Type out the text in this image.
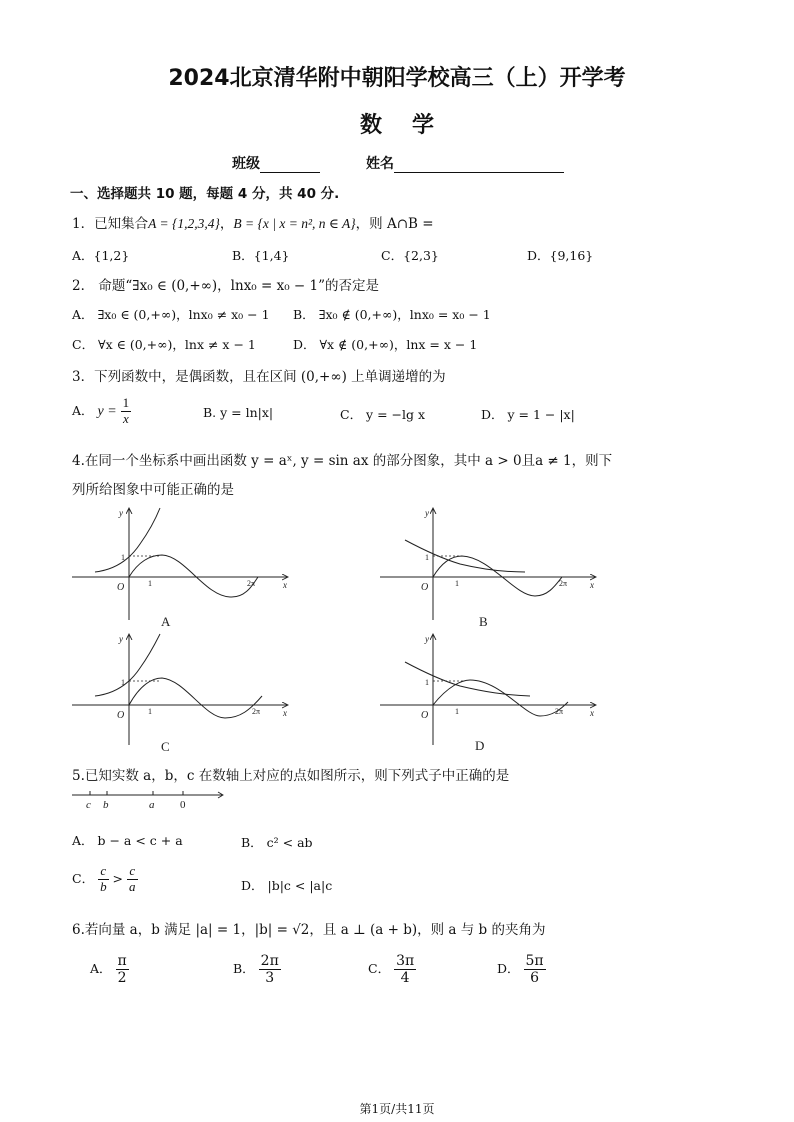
2024北京清华附中朝阳学校高三（上）开学考
数学
班级	姓名
一、选择题共 10 题，每题 4 分，共 40 分.
1．已知集合A = {1,2,3,4}，B = {x | x = n², n ∈ A}，则 A∩B =
A．{1,2}	B．{1,4}	C．{2,3}	D．{9,16}
2． 命题“∃x₀ ∈ (0,+∞)，lnx₀ = x₀ − 1”的否定是
A． ∃x₀ ∈ (0,+∞)，lnx₀ ≠ x₀ − 1 B． ∃x₀ ∉ (0,+∞)，lnx₀ = x₀ − 1
C． ∀x ∈ (0,+∞)，lnx ≠ x − 1	D． ∀x ∉ (0,+∞)，lnx = x − 1
3．下列函数中，是偶函数，且在区间 (0,+∞) 上单调递增的为
A． $y = \frac{1}{x}$	B. y = ln|x|	C． y = −lg x	D． y = 1 − |x|
4.在同一个坐标系中画出函数 y = aˣ, y = sin ax 的部分图象，其中 a > 0且a ≠ 1，则下
列所给图象中可能正确的是
y
x
O
1
1	2π
A
y
x
O
1
1	2π
B
y
x
O
1
1	2π
C
y
x
O
1
1	2π
D
5.已知实数 a，b，c 在数轴上对应的点如图所示，则下列式子中正确的是
c b	a 0
A． b − a < c + a	B． c² < ab
C． $\frac{c}{b} > \frac{c}{a}$	D． |b|c < |a|c
6.若向量 a，b 满足 |a| = 1，|b| = √2，且 a ⊥ (a + b)，则 a 与 b 的夹角为
A． $\frac{\pi}{2}$	B． $\frac{2\pi}{3}$	C． $\frac{3\pi}{4}$	D． $\frac{5\pi}{6}$
第1页/共11页
